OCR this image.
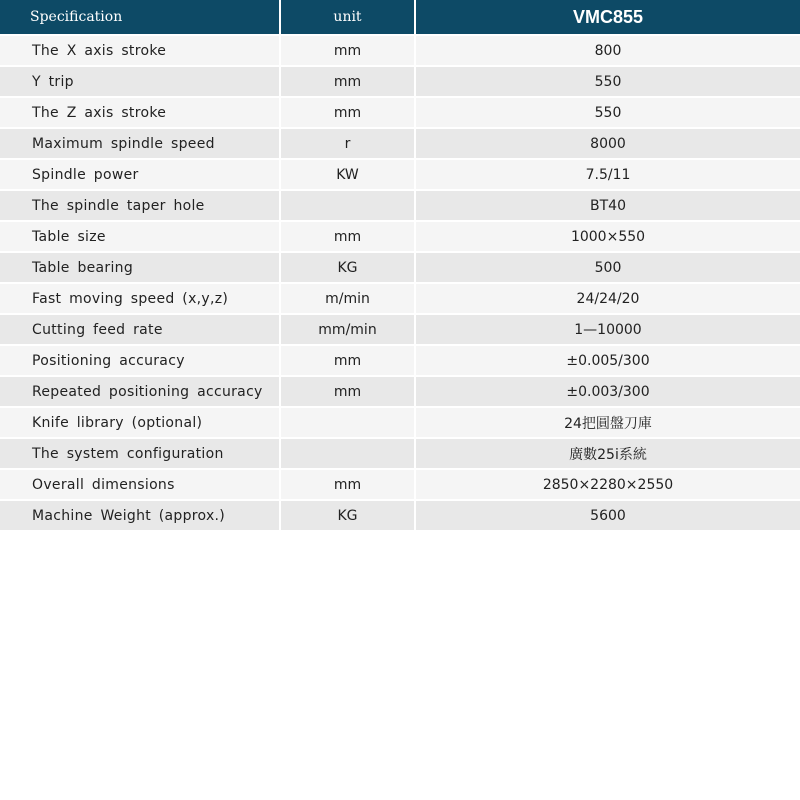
Specification	unit	VMC855
The X axis stroke	mm	800
Y trip	mm	550
The Z axis stroke	mm	550
Maximum spindle speed	r	8000
Spindle power	KW	7.5/11
The spindle taper hole		BT40
Table size	mm	1000×550
Table bearing	KG	500
Fast moving speed (x,y,z)	m/min	24/24/20
Cutting feed rate	mm/min	1—10000
Positioning accuracy	mm	±0.005/300
Repeated positioning accuracy	mm	±0.003/300
Knife library (optional)		24把圓盤刀庫
The system configuration		廣數25i系統
Overall dimensions	mm	2850×2280×2550
Machine Weight (approx.)	KG	5600
